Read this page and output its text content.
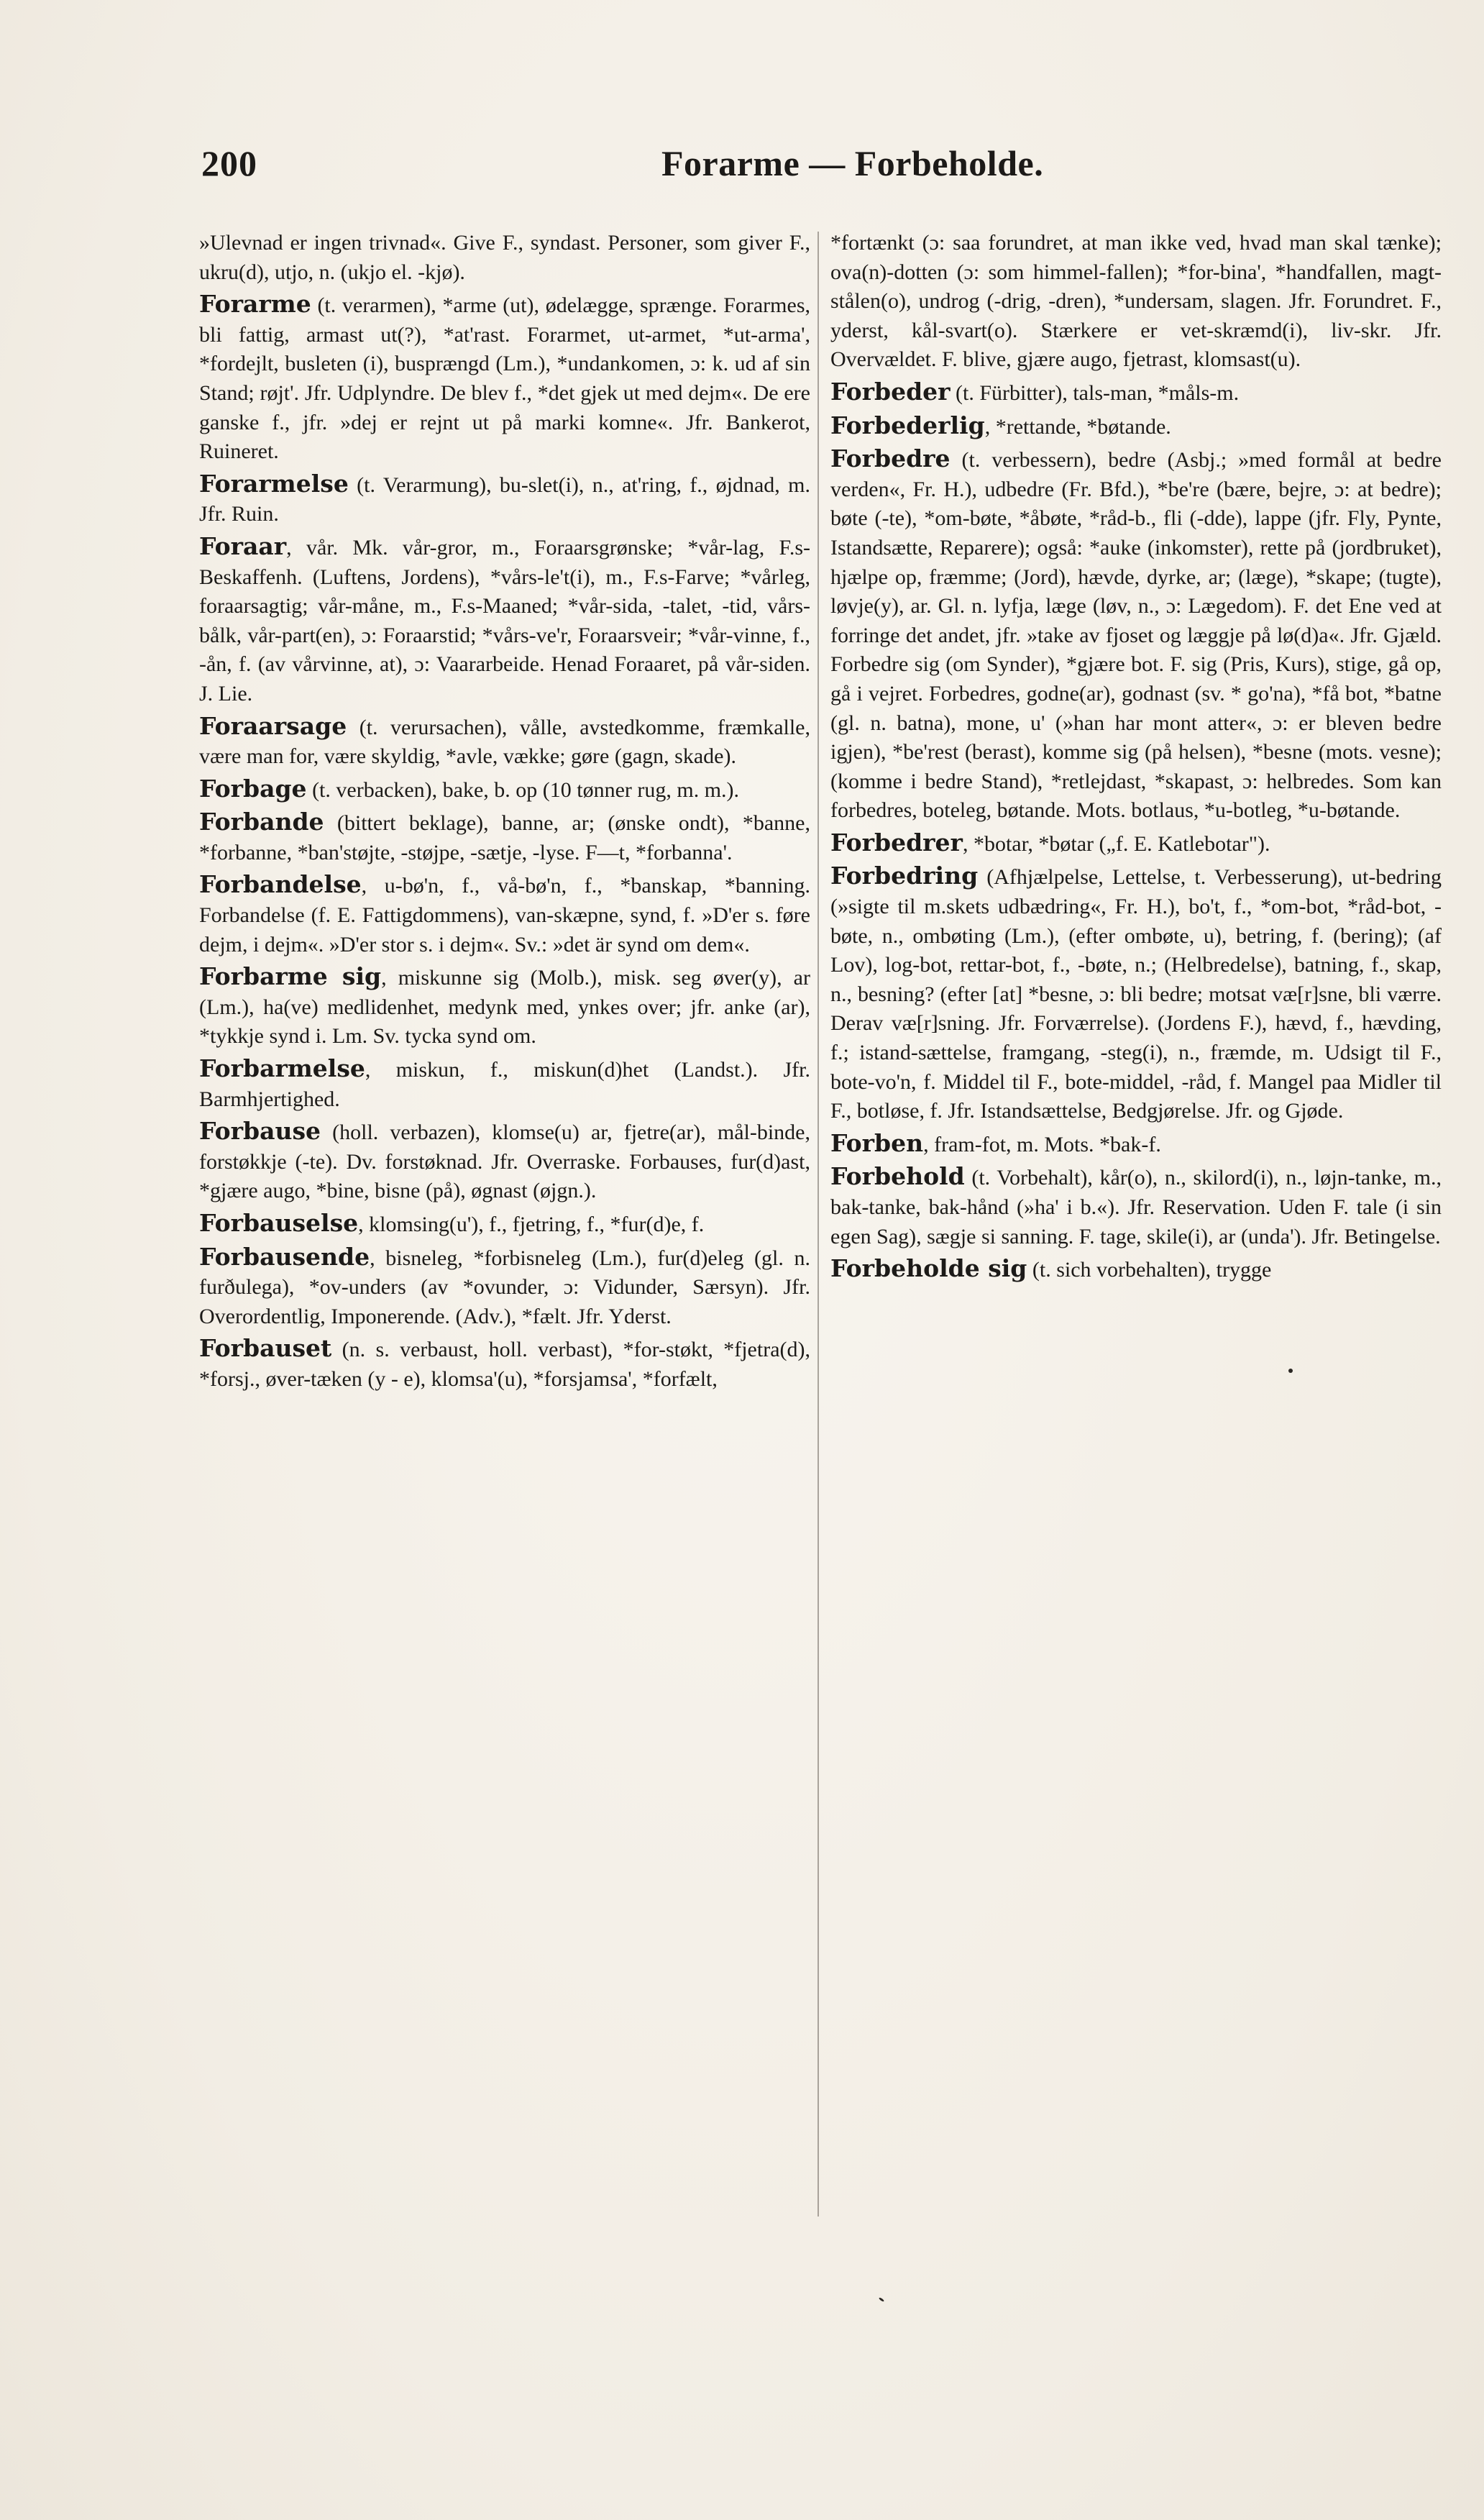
200	Forarme — Forbeholde.

»Ulevnad er ingen trivnad«. Give F., syndast. Personer, som giver F., ukru(d), utjo, n. (ukjo el. -kjø).

Forarme (t. verarmen), *arme (ut), ødelægge, sprænge. Forarmes, bli fattig, armast ut(?), *at'rast. Forarmet, ut-armet, *ut-arma', *fordejlt, busleten (i), busprængd (Lm.), *undankomen, ɔ: k. ud af sin Stand; røjt'. Jfr. Udplyndre. De blev f., *det gjek ut med dejm«. De ere ganske f., jfr. »dej er rejnt ut på marki komne«. Jfr. Bankerot, Ruineret.

Forarmelse (t. Verarmung), bu-slet(i), n., at'ring, f., øjdnad, m. Jfr. Ruin.

Foraar, vår. Mk. vår-gror, m., Foraarsgrønske; *vår-lag, F.s-Beskaffenh. (Luftens, Jordens), *vårs-le't(i), m., F.s-Farve; *vårleg, foraarsagtig; vår-måne, m., F.s-Maaned; *vår-sida, -talet, -tid, vårs-bålk, vår-part(en), ɔ: Foraarstid; *vårs-ve'r, Foraarsveir; *vår-vinne, f., -ån, f. (av vårvinne, at), ɔ: Vaararbeide. Henad Foraaret, på vår-siden. J. Lie.

Foraarsage (t. verursachen), vålle, avstedkomme, fræmkalle, være man for, være skyldig, *avle, vække; gøre (gagn, skade).

Forbage (t. verbacken), bake, b. op (10 tønner rug, m. m.).

Forbande (bittert beklage), banne, ar; (ønske ondt), *banne, *forbanne, *ban'støjte, -støjpe, -sætje, -lyse. F—t, *forbanna'.

Forbandelse, u-bø'n, f., vå-bø'n, f., *banskap, *banning. Forbandelse (f. E. Fattigdommens), van-skæpne, synd, f. »D'er s. føre dejm, i dejm«. »D'er stor s. i dejm«. Sv.: »det är synd om dem«.

Forbarme sig, miskunne sig (Molb.), misk. seg øver(y), ar (Lm.), ha(ve) medlidenhet, medynk med, ynkes over; jfr. anke (ar), *tykkje synd i. Lm. Sv. tycka synd om.

Forbarmelse, miskun, f., miskun(d)het (Landst.). Jfr. Barmhjertighed.

Forbause (holl. verbazen), klomse(u) ar, fjetre(ar), mål-binde, forstøkkje (-te). Dv. forstøknad. Jfr. Overraske. Forbauses, fur(d)ast, *gjære augo, *bine, bisne (på), øgnast (øjgn.).

Forbauselse, klomsing(u'), f., fjetring, f., *fur(d)e, f.

Forbausende, bisneleg, *forbisneleg (Lm.), fur(d)eleg (gl. n. furðulega), *ov-unders (av *ovunder, ɔ: Vidunder, Særsyn). Jfr. Overordentlig, Imponerende. (Adv.), *fælt. Jfr. Yderst.

Forbauset (n. s. verbaust, holl. verbast), *for-støkt, *fjetra(d), *forsj., øver-tæken (y - e), klomsa'(u), *forsjamsa', *forfælt,

*fortænkt (ɔ: saa forundret, at man ikke ved, hvad man skal tænke); ova(n)-dotten (ɔ: som himmel-fallen); *for-bina', *handfallen, magt-stålen(o), undrog (-drig, -dren), *undersam, slagen. Jfr. Forundret. F., yderst, kål-svart(o). Stærkere er vet-skræmd(i), liv-skr. Jfr. Overvældet. F. blive, gjære augo, fjetrast, klomsast(u).

Forbeder (t. Fürbitter), tals-man, *måls-m.

Forbederlig, *rettande, *bøtande.

Forbedre (t. verbessern), bedre (Asbj.; »med formål at bedre verden«, Fr. H.), udbedre (Fr. Bfd.), *be're (bære, bejre, ɔ: at bedre); bøte (-te), *om-bøte, *åbøte, *råd-b., fli (-dde), lappe (jfr. Fly, Pynte, Istandsætte, Reparere); også: *auke (inkomster), rette på (jordbruket), hjælpe op, fræmme; (Jord), hævde, dyrke, ar; (læge), *skape; (tugte), løvje(y), ar. Gl. n. lyfja, læge (løv, n., ɔ: Lægedom). F. det Ene ved at forringe det andet, jfr. »take av fjoset og læggje på lø(d)a«. Jfr. Gjæld. Forbedre sig (om Synder), *gjære bot. F. sig (Pris, Kurs), stige, gå op, gå i vejret. Forbedres, godne(ar), godnast (sv. * go'na), *få bot, *batne (gl. n. batna), mone, u' (»han har mont atter«, ɔ: er bleven bedre igjen), *be'rest (berast), komme sig (på helsen), *besne (mots. vesne); (komme i bedre Stand), *retlejdast, *skapast, ɔ: helbredes. Som kan forbedres, boteleg, bøtande. Mots. botlaus, *u-botleg, *u-bøtande.

Forbedrer, *botar, *bøtar („f. E. Katlebotar").

Forbedring (Afhjælpelse, Lettelse, t. Verbesserung), ut-bedring (»sigte til m.skets udbædring«, Fr. H.), bo't, f., *om-bot, *råd-bot, -bøte, n., ombøting (Lm.), (efter ombøte, u), betring, f. (bering); (af Lov), log-bot, rettar-bot, f., -bøte, n.; (Helbredelse), batning, f., skap, n., besning? (efter [at] *besne, ɔ: bli bedre; motsat væ[r]sne, bli værre. Derav væ[r]sning. Jfr. Forværrelse). (Jordens F.), hævd, f., hævding, f.; istand-sættelse, framgang, -steg(i), n., fræmde, m. Udsigt til F., bote-vo'n, f. Middel til F., bote-middel, -råd, f. Mangel paa Midler til F., botløse, f. Jfr. Istandsættelse, Bedgjørelse. Jfr. og Gjøde.

Forben, fram-fot, m. Mots. *bak-f.

Forbehold (t. Vorbehalt), kår(o), n., skilord(i), n., løjn-tanke, m., bak-tanke, bak-hånd (»ha' i b.«). Jfr. Reservation. Uden F. tale (i sin egen Sag), sægje si sanning. F. tage, skile(i), ar (unda'). Jfr. Betingelse.

Forbeholde sig (t. sich vorbehalten), trygge
